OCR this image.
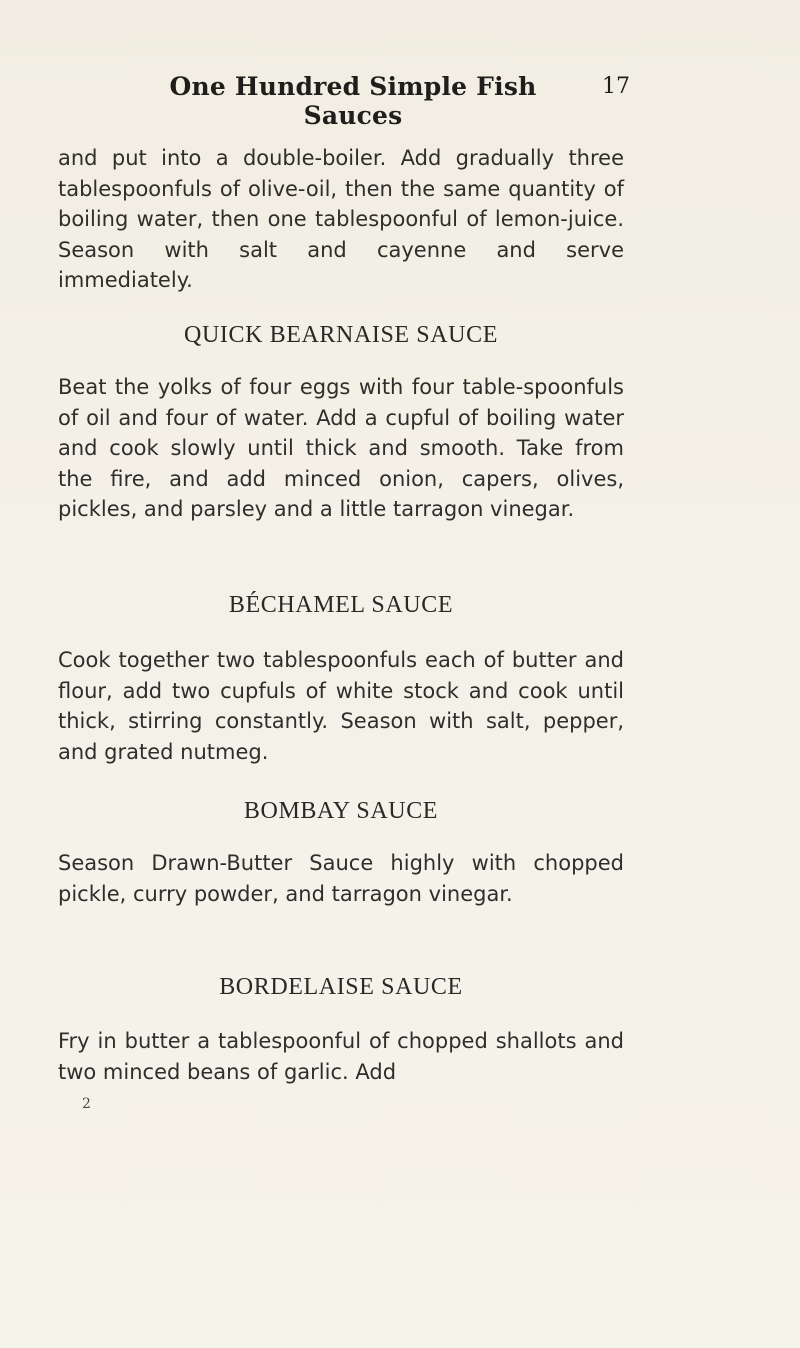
One Hundred Simple Fish Sauces
17
and put into a double-boiler. Add gradually three tablespoonfuls of olive-oil, then the same quantity of boiling water, then one tablespoonful of lemon-juice. Season with salt and cayenne and serve immediately.
QUICK BEARNAISE SAUCE
Beat the yolks of four eggs with four table-spoonfuls of oil and four of water. Add a cupful of boiling water and cook slowly until thick and smooth. Take from the fire, and add minced onion, capers, olives, pickles, and parsley and a little tarragon vinegar.
BÉCHAMEL SAUCE
Cook together two tablespoonfuls each of butter and flour, add two cupfuls of white stock and cook until thick, stirring constantly. Season with salt, pepper, and grated nutmeg.
BOMBAY SAUCE
Season Drawn-Butter Sauce highly with chopped pickle, curry powder, and tarragon vinegar.
BORDELAISE SAUCE
Fry in butter a tablespoonful of chopped shallots and two minced beans of garlic. Add
2
